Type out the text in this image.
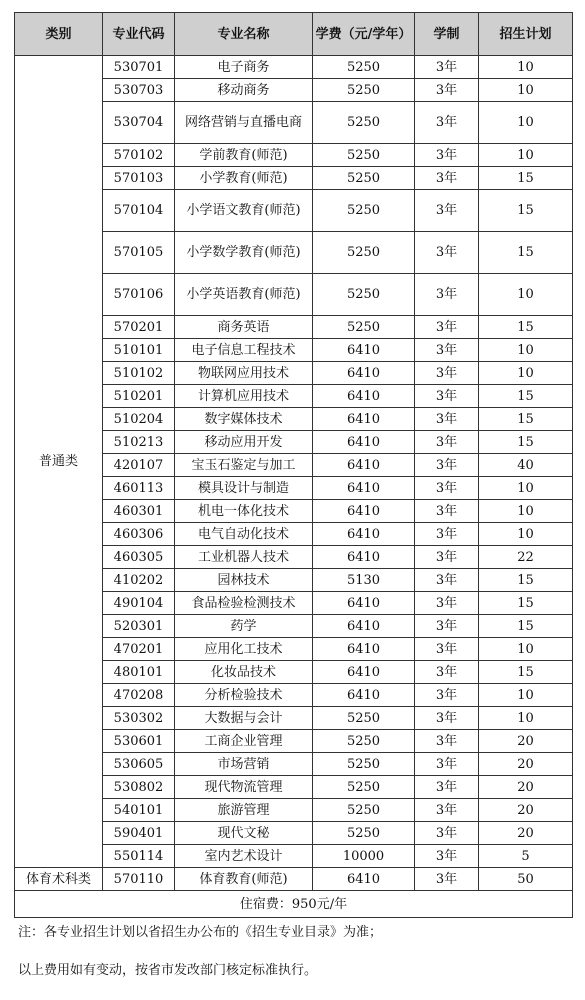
类别	专业代码	专业名称	学费（元/学年）	学制	招生计划
普通类	530701	电子商务	5250	3年	10
	530703	移动商务	5250	3年	10
	530704	网络营销与直播电商	5250	3年	10
	570102	学前教育(师范)	5250	3年	10
	570103	小学教育(师范)	5250	3年	15
	570104	小学语文教育(师范)	5250	3年	15
	570105	小学数学教育(师范)	5250	3年	15
	570106	小学英语教育(师范)	5250	3年	10
	570201	商务英语	5250	3年	15
	510101	电子信息工程技术	6410	3年	10
	510102	物联网应用技术	6410	3年	10
	510201	计算机应用技术	6410	3年	15
	510204	数字媒体技术	6410	3年	15
	510213	移动应用开发	6410	3年	15
	420107	宝玉石鉴定与加工	6410	3年	40
	460113	模具设计与制造	6410	3年	10
	460301	机电一体化技术	6410	3年	10
	460306	电气自动化技术	6410	3年	10
	460305	工业机器人技术	6410	3年	22
	410202	园林技术	5130	3年	15
	490104	食品检验检测技术	6410	3年	15
	520301	药学	6410	3年	15
	470201	应用化工技术	6410	3年	10
	480101	化妆品技术	6410	3年	15
	470208	分析检验技术	6410	3年	10
	530302	大数据与会计	5250	3年	10
	530601	工商企业管理	5250	3年	20
	530605	市场营销	5250	3年	20
	530802	现代物流管理	5250	3年	20
	540101	旅游管理	5250	3年	20
	590401	现代文秘	5250	3年	20
	550114	室内艺术设计	10000	3年	5
体育术科类	570110	体育教育(师范)	6410	3年	50
住宿费：950元/年					
注：各专业招生计划以省招生办公布的《招生专业目录》为准；
以上费用如有变动，按省市发改部门核定标准执行。
